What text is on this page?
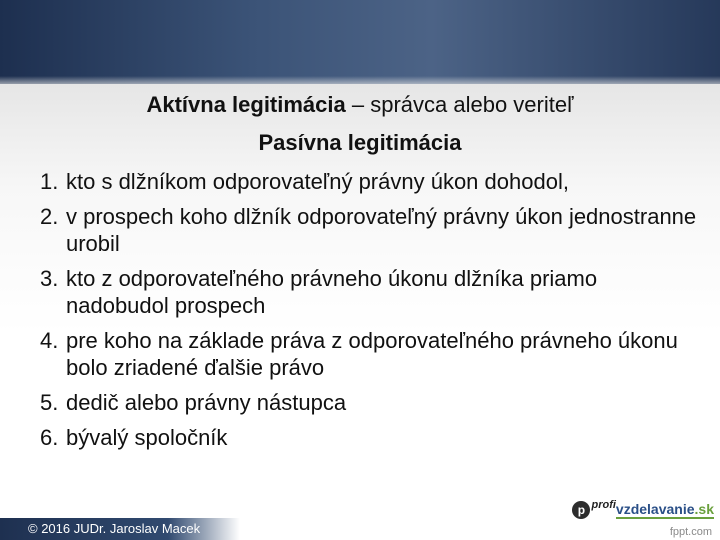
Aktívna legitimácia – správca alebo veriteľ
Pasívna legitimácia
1. kto s dlžníkom odporovateľný právny úkon dohodol,
2. v prospech koho dlžník odporovateľný právny úkon jednostranne urobil
3. kto z odporovateľného právneho úkonu dlžníka priamo nadobudol prospech
4. pre koho na základe práva z odporovateľného právneho úkonu bolo zriadené ďalšie právo
5. dedič alebo právny nástupca
6. bývalý spoločník
© 2016 JUDr. Jaroslav Macek	fppt.com
p profi vzdelavanie.sk
